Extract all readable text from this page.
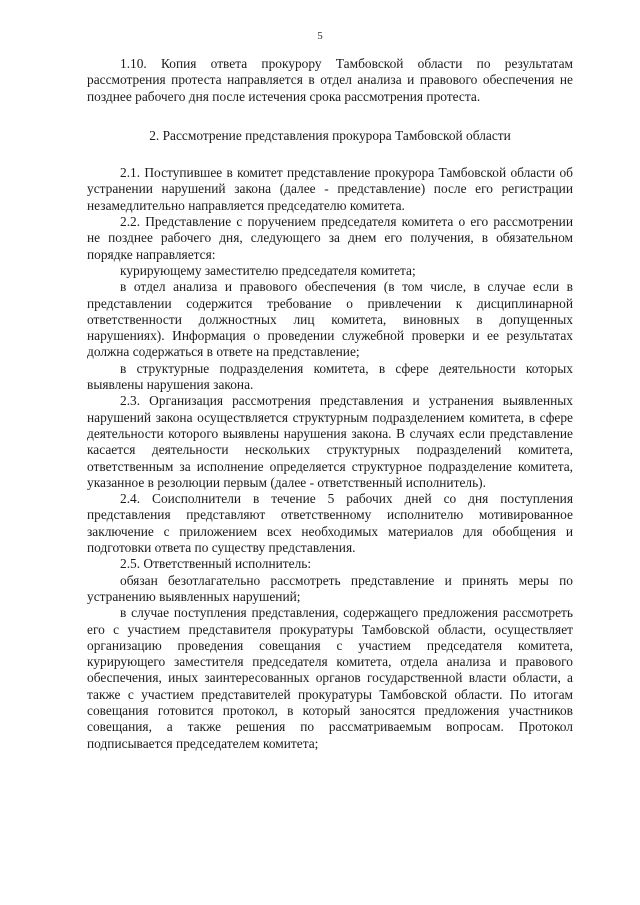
5

1.10. Копия ответа прокурору Тамбовской области по результатам рассмотрения протеста направляется в отдел анализа и правового обеспечения не позднее рабочего дня после истечения срока рассмотрения протеста.

2. Рассмотрение представления прокурора Тамбовской области

2.1. Поступившее в комитет представление прокурора Тамбовской области об устранении нарушений закона (далее - представление) после его регистрации незамедлительно направляется председателю комитета.

2.2. Представление с поручением председателя комитета о его рассмотрении не позднее рабочего дня, следующего за днем его получения, в обязательном порядке направляется:

курирующему заместителю председателя комитета;

в отдел анализа и правового обеспечения (в том числе, в случае если в представлении содержится требование о привлечении к дисциплинарной ответственности должностных лиц комитета, виновных в допущенных нарушениях). Информация о проведении служебной проверки и ее результатах должна содержаться в ответе на представление;

в структурные подразделения комитета, в сфере деятельности которых выявлены нарушения закона.

2.3. Организация рассмотрения представления и устранения выявленных нарушений закона осуществляется структурным подразделением комитета, в сфере деятельности которого выявлены нарушения закона. В случаях если представление касается деятельности нескольких структурных подразделений комитета, ответственным за исполнение определяется структурное подразделение комитета, указанное в резолюции первым (далее - ответственный исполнитель).

2.4. Соисполнители в течение 5 рабочих дней со дня поступления представления представляют ответственному исполнителю мотивированное заключение с приложением всех необходимых материалов для обобщения и подготовки ответа по существу представления.

2.5. Ответственный исполнитель:

обязан безотлагательно рассмотреть представление и принять меры по устранению выявленных нарушений;

в случае поступления представления, содержащего предложения рассмотреть его с участием представителя прокуратуры Тамбовской области, осуществляет организацию проведения совещания с участием председателя комитета, курирующего заместителя председателя комитета, отдела анализа и правового обеспечения, иных заинтересованных органов государственной власти области, а также с участием представителей прокуратуры Тамбовской области. По итогам совещания готовится протокол, в который заносятся предложения участников совещания, а также решения по рассматриваемым вопросам. Протокол подписывается председателем комитета;
